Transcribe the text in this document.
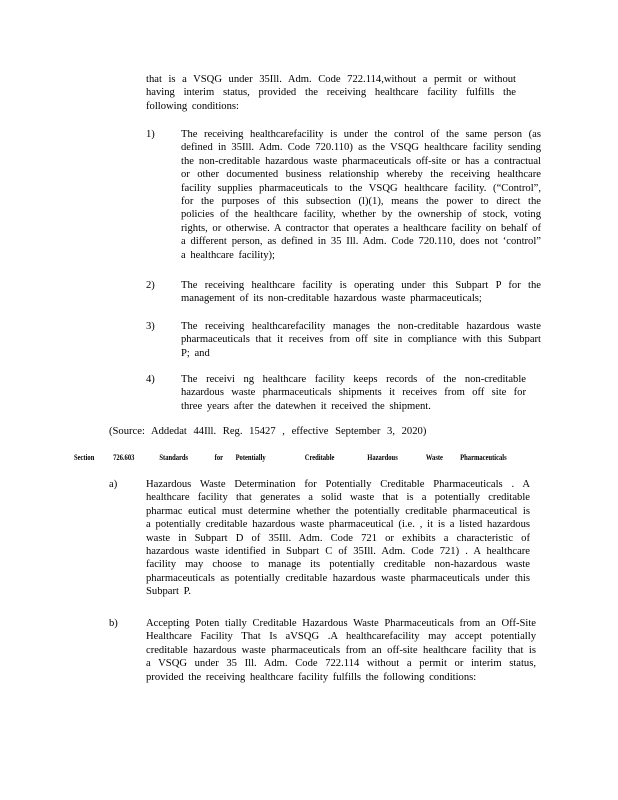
that is a VSQG under 35Ill. Adm. Code 722.114,without a permit or without having interim status, provided the receiving healthcare facility fulfills the following conditions:
1) The receiving healthcarefacility is under the control of the same person (as defined in 35Ill. Adm. Code 720.110) as the VSQG healthcare facility sending the non-creditable hazardous waste pharmaceuticals off-site or has a contractual or other documented business relationship whereby the receiving healthcare facility supplies pharmaceuticals to the VSQG healthcare facility. (“Control”, for the purposes of this subsection (l)(1), means the power to direct the policies of the healthcare facility, whether by the ownership of stock, voting rights, or otherwise. A contractor that operates a healthcare facility on behalf of a different person, as defined in 35 Ill. Adm. Code 720.110, does not ‘control” a healthcare facility);
2) The receiving healthcare facility is operating under this Subpart P for the management of its non-creditable hazardous waste pharmaceuticals;
3) The receiving healthcarefacility manages the non-creditable hazardous waste pharmaceuticals that it receives from off site in compliance with this Subpart P; and
4) The receivi ng healthcare facility keeps records of the non-creditable hazardous waste pharmaceuticals shipments it receives from off site for three years after the datewhen it received the shipment.
(Source: Addedat 44Ill. Reg. 15427 , effective September 3, 2020)
Section 726.603	Standards	for Potentially	Creditable	Hazardous	Waste Pharmaceuticals
a)	Hazardous Waste Determination for Potentially Creditable Pharmaceuticals . A healthcare facility that generates a solid waste that is a potentially creditable pharmac eutical must determine whether the potentially creditable pharmaceutical is a potentially creditable hazardous waste pharmaceutical (i.e. , it is a listed hazardous waste in Subpart D of 35Ill. Adm. Code 721 or exhibits a characteristic of hazardous waste identified in Subpart C of 35Ill. Adm. Code 721) . A healthcare facility may choose to manage its potentially creditable non-hazardous waste pharmaceuticals as potentially creditable hazardous waste pharmaceuticals under this Subpart P.
b)	Accepting Poten tially Creditable Hazardous Waste Pharmaceuticals from an Off-Site Healthcare Facility That Is aVSQG .A healthcarefacility may accept potentially creditable hazardous waste pharmaceuticals from an off-site healthcare facility that is a VSQG under 35 Ill. Adm. Code 722.114 without a permit or interim status, provided the receiving healthcare facility fulfills the following conditions:
